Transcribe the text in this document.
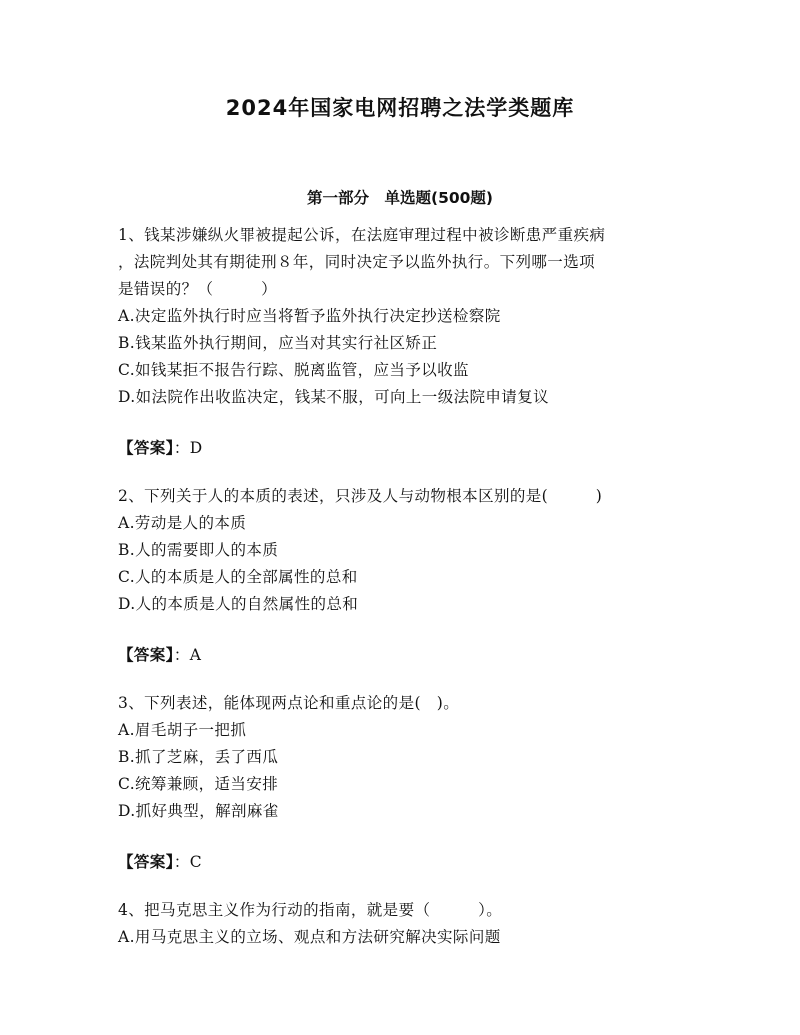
2024年国家电网招聘之法学类题库
第一部分　单选题(500题)
1、钱某涉嫌纵火罪被提起公诉，在法庭审理过程中被诊断患严重疾病
，法院判处其有期徒刑８年，同时决定予以监外执行。下列哪一选项
是错误的？（　　　）
A.决定监外执行时应当将暂予监外执行决定抄送检察院
B.钱某监外执行期间，应当对其实行社区矫正
C.如钱某拒不报告行踪、脱离监管，应当予以收监
D.如法院作出收监决定，钱某不服，可向上一级法院申请复议
【答案】：D
2、下列关于人的本质的表述，只涉及人与动物根本区别的是(　　　)
A.劳动是人的本质
B.人的需要即人的本质
C.人的本质是人的全部属性的总和
D.人的本质是人的自然属性的总和
【答案】：A
3、下列表述，能体现两点论和重点论的是(　)。
A.眉毛胡子一把抓
B.抓了芝麻，丢了西瓜
C.统筹兼顾，适当安排
D.抓好典型，解剖麻雀
【答案】：C
4、把马克思主义作为行动的指南，就是要（　　　）。
A.用马克思主义的立场、观点和方法研究解决实际问题
